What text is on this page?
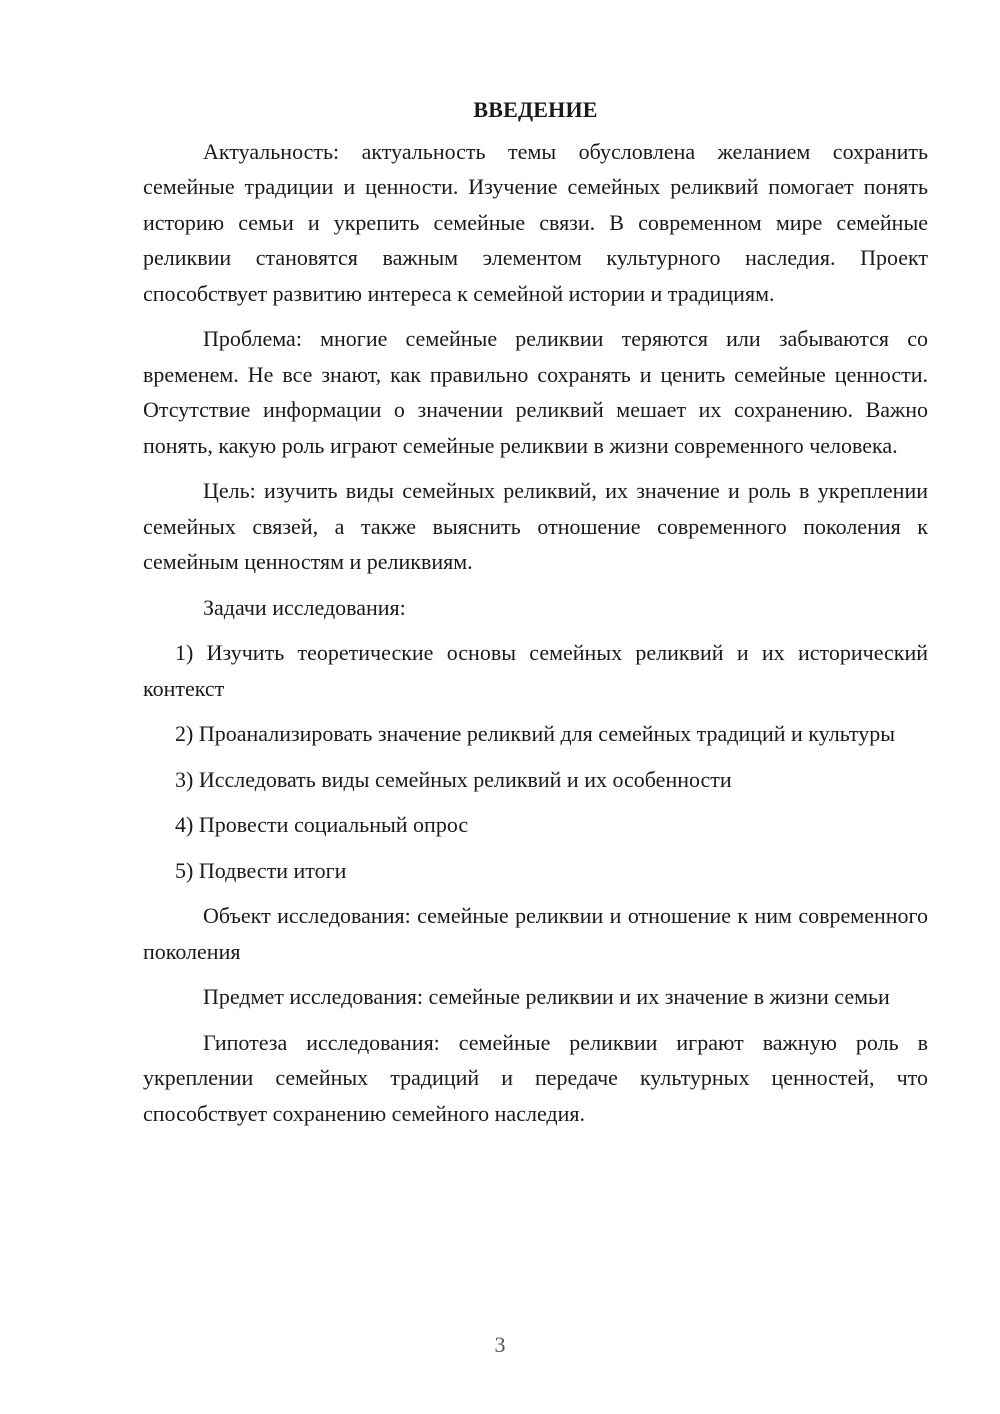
ВВЕДЕНИЕ

Актуальность: актуальность темы обусловлена желанием сохранить семейные традиции и ценности. Изучение семейных реликвий помогает понять историю семьи и укрепить семейные связи. В современном мире семейные реликвии становятся важным элементом культурного наследия. Проект способствует развитию интереса к семейной истории и традициям.

Проблема: многие семейные реликвии теряются или забываются со временем. Не все знают, как правильно сохранять и ценить семейные ценности. Отсутствие информации о значении реликвий мешает их сохранению. Важно понять, какую роль играют семейные реликвии в жизни современного человека.

Цель: изучить виды семейных реликвий, их значение и роль в укреплении семейных связей, а также выяснить отношение современного поколения к семейным ценностям и реликвиям.

Задачи исследования:

1) Изучить теоретические основы семейных реликвий и их исторический контекст

2) Проанализировать значение реликвий для семейных традиций и культуры

3) Исследовать виды семейных реликвий и их особенности

4) Провести социальный опрос

5) Подвести итоги

Объект исследования: семейные реликвии и отношение к ним современного поколения

Предмет исследования: семейные реликвии и их значение в жизни семьи

Гипотеза исследования: семейные реликвии играют важную роль в укреплении семейных традиций и передаче культурных ценностей, что способствует сохранению семейного наследия.

3
